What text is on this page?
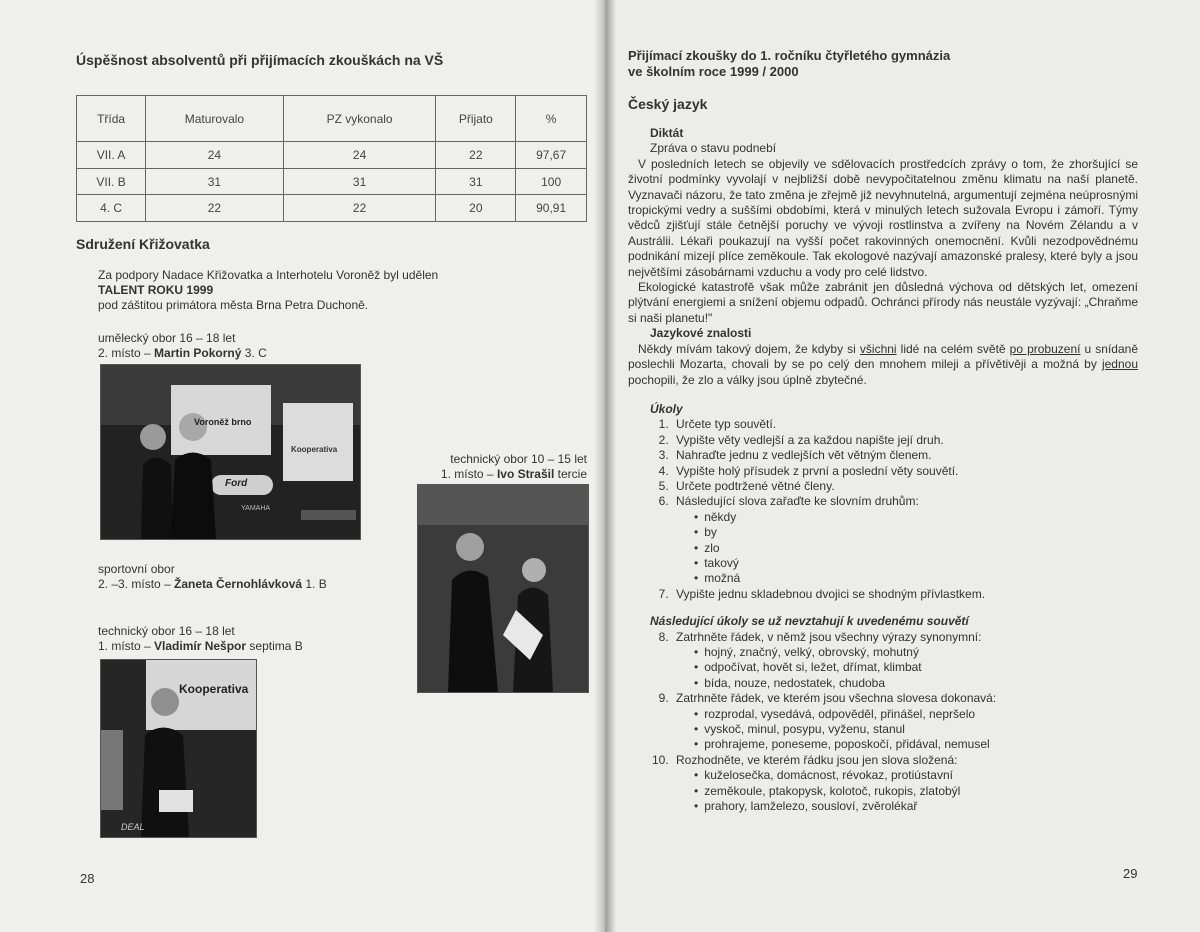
Úspěšnost absolventů při přijímacích zkouškách na VŠ

Třída	Maturovalo	PZ vykonalo	Přijato	%
VII. A	24	24	22	97,67
VII. B	31	31	31	100
4. C	22	22	20	90,91

Sdružení Křižovatka

Za podpory Nadace Křižovatka a Interhotelu Voroněž byl udělen
TALENT ROKU 1999
pod záštitou primátora města Brna Petra Duchoně.
umělecký obor 16 – 18 let
2. místo – Martin Pokorný 3. C
Voroněž brno
Kooperativa
Ford
YAMAHA
technický obor 10 – 15 let
1. místo – Ivo Strašil tercie
sportovní obor
2. –3. místo – Žaneta Černohlávková 1. B
technický obor 16 – 18 let
1. místo – Vladimír Nešpor septima B
Kooperativa
DEAL
28
Přijímací zkoušky do 1. ročníku čtyřletého gymnázia
ve školním roce 1999 / 2000

Český jazyk

Diktát
Zpráva o stavu podnebí

V posledních letech se objevily ve sdělovacích prostředcích zprávy o tom, že zhoršující se životní podmínky vyvolají v nejbližší době nevypočitatelnou změnu klimatu na naší planetě. Vyznavači názoru, že tato změna je zřejmě již nevyhnutelná, argumentují zejména neúprosnými tropickými vedry a suššími obdobími, která v minulých letech sužovala Evropu i zámoří. Týmy vědců zjišťují stále četnější poruchy ve vývoji rostlinstva a zvířeny na Novém Zélandu a v Austrálii. Lékaři poukazují na vyšší počet rakovinných onemocnění. Kvůli nezodpovědnému podnikání mizejí plíce zeměkoule. Tak ekologové nazývají amazonské pralesy, které byly a jsou největšími zásobárnami vzduchu a vody pro celé lidstvo.

Ekologické katastrofě však může zabránit jen důsledná výchova od dětských let, omezení plýtvání energiemi a snížení objemu odpadů. Ochránci přírody nás neustále vyzývají: „Chraňme si naši planetu!"

Jazykové znalosti

Někdy mívám takový dojem, že kdyby si všichni lidé na celém světě po probuzení u snídaně poslechli Mozarta, chovali by se po celý den mnohem mileji a přívětivěji a možná by jednou pochopili, že zlo a války jsou úplně zbytečné.

Úkoly
1. Určete typ souvětí.
2. Vypište věty vedlejší a za každou napište její druh.
3. Nahraďte jednu z vedlejších vět větným členem.
4. Vypište holý přísudek z první a poslední věty souvětí.
5. Určete podtržené větné členy.
6. Následující slova zařaďte ke slovním druhům:
• někdy
• by
• zlo
• takový
• možná
7. Vypište jednu skladebnou dvojici se shodným přívlastkem.
Následující úkoly se už nevztahují k uvedenému souvětí
8. Zatrhněte řádek, v němž jsou všechny výrazy synonymní:
• hojný, značný, velký, obrovský, mohutný
• odpočívat, hovět si, ležet, dřímat, klimbat
• bída, nouze, nedostatek, chudoba
9. Zatrhněte řádek, ve kterém jsou všechna slovesa dokonavá:
• rozprodal, vysedává, odpověděl, přinášel, nepršelo
• vyskoč, minul, posypu, vyženu, stanul
• prohrajeme, poneseme, poposkočí, přidával, nemusel
10. Rozhodněte, ve kterém řádku jsou jen slova složená:
• kuželosečka, domácnost, révokaz, protiústavní
• zeměkoule, ptakopysk, kolotoč, rukopis, zlatobýl
• prahory, lamželezo, sousloví, zvěrolékař
29
